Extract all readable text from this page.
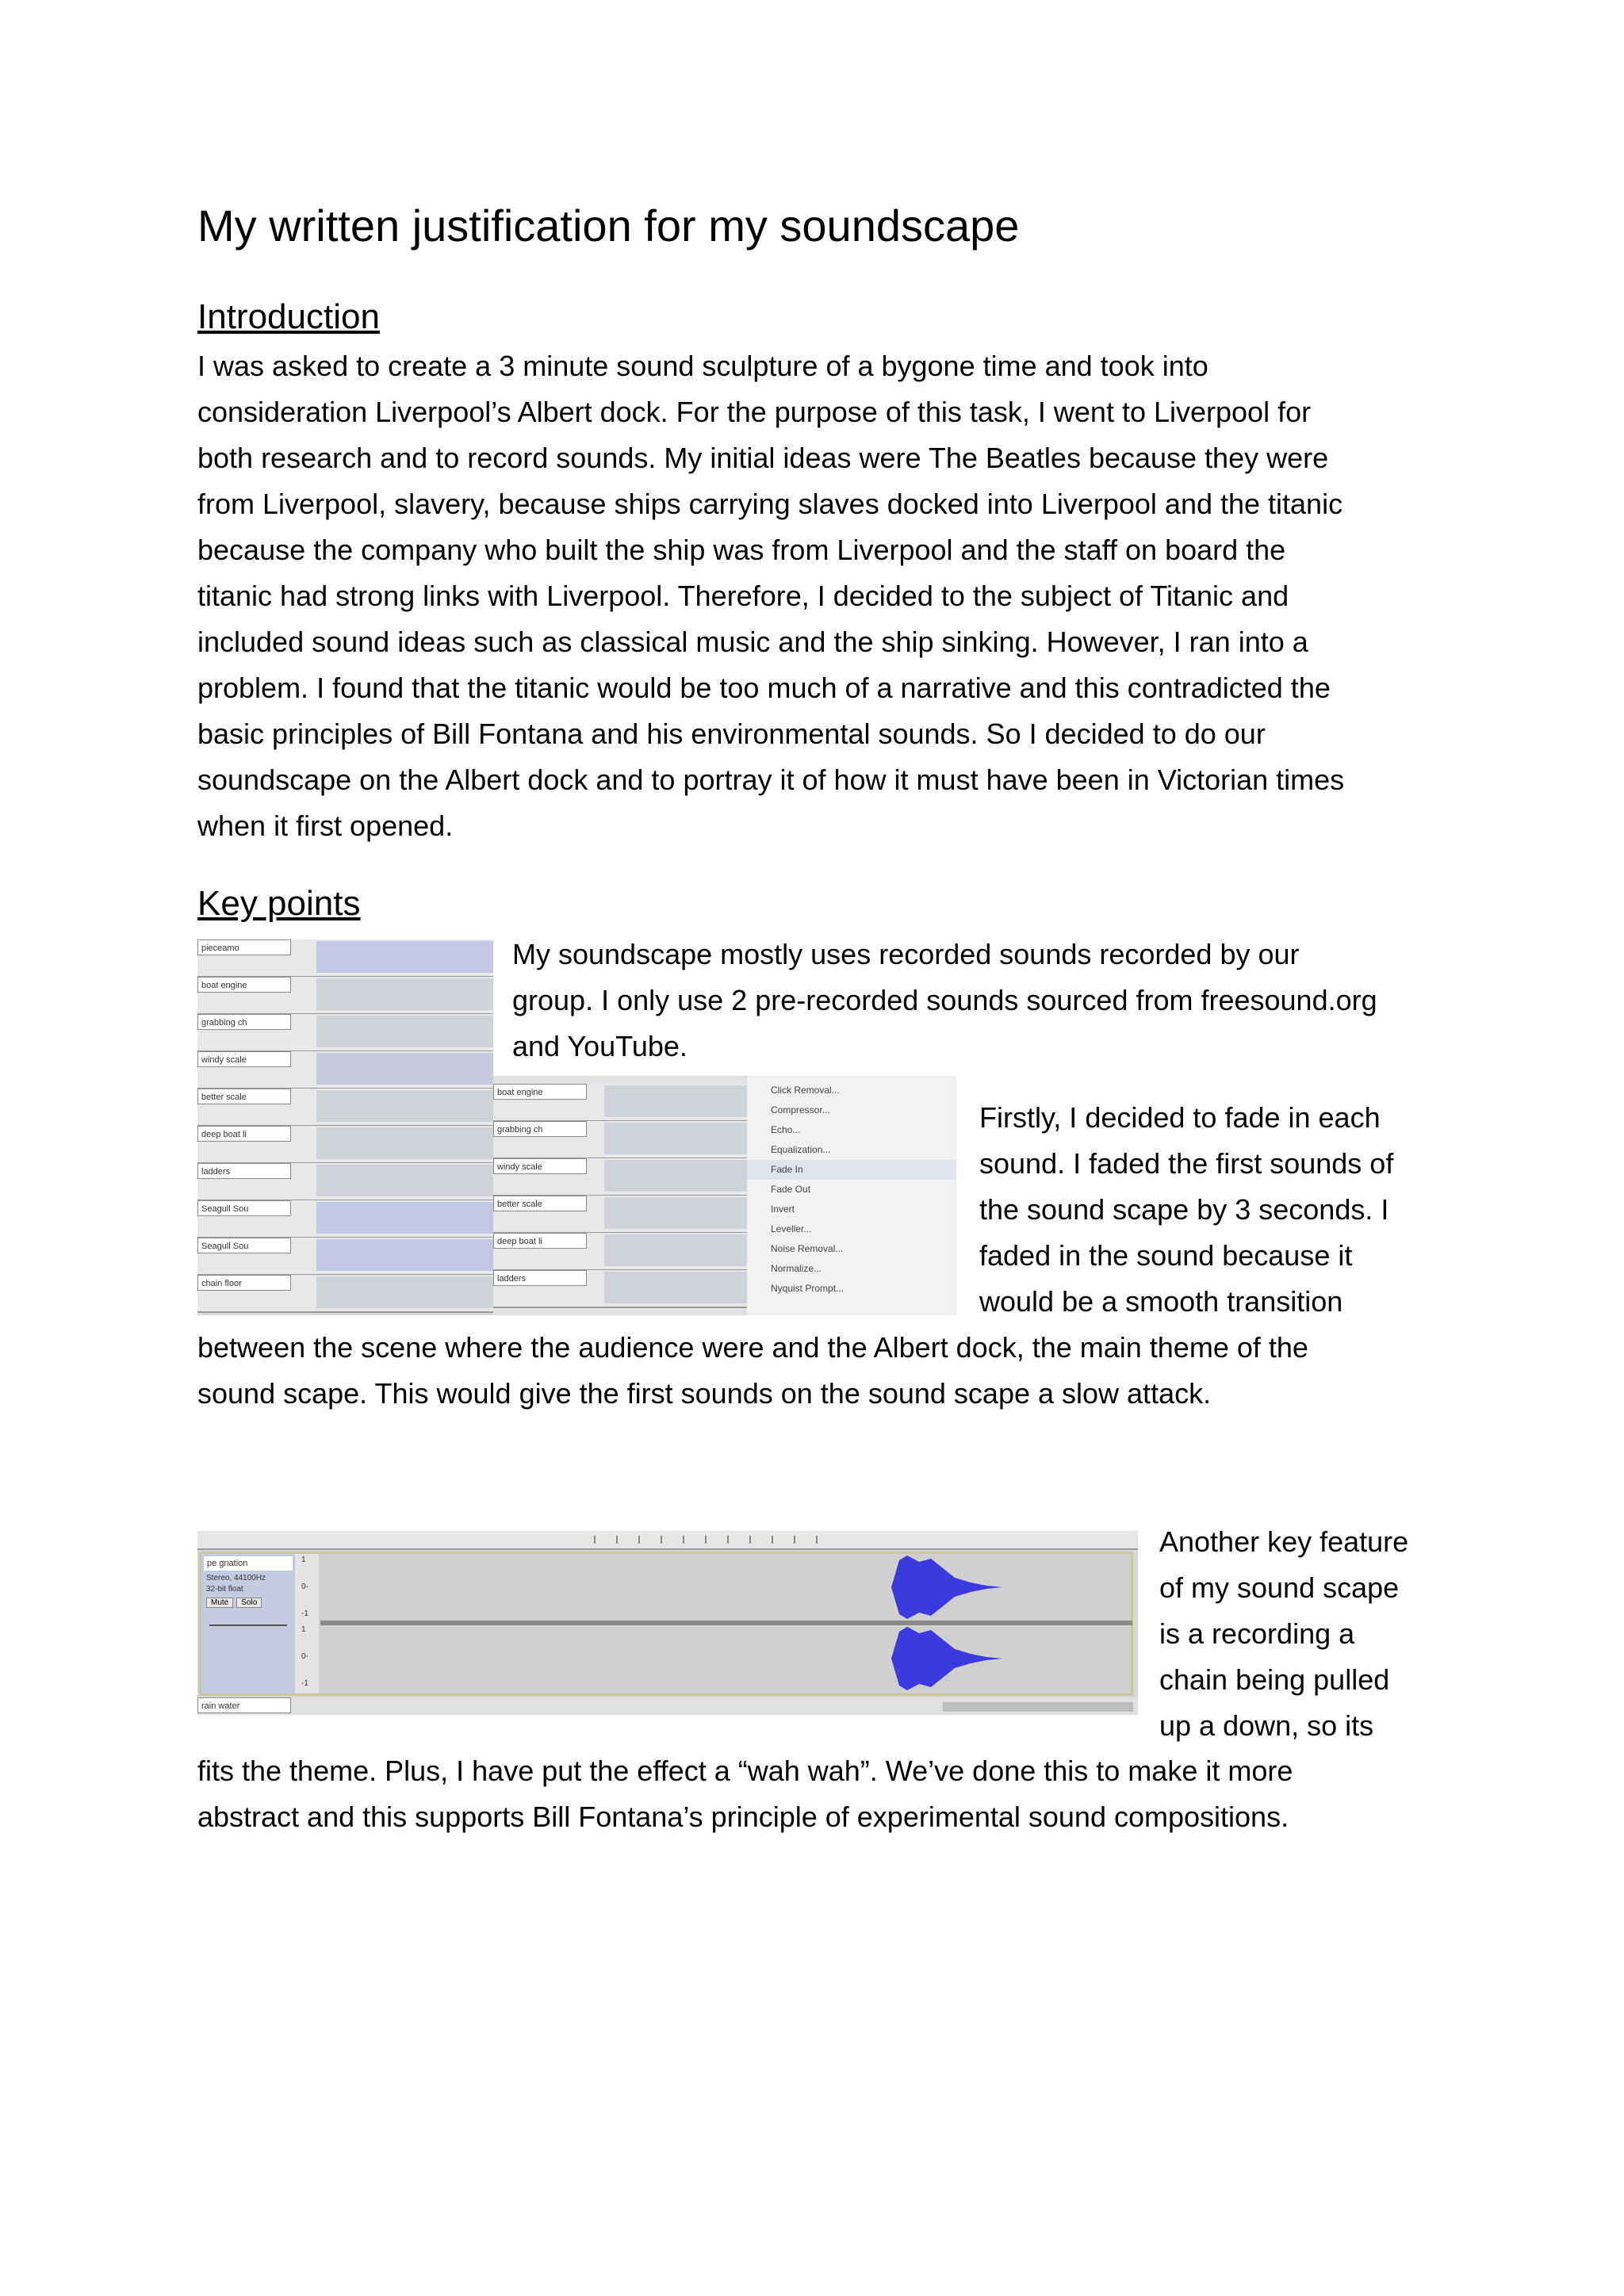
My written justification for my soundscape
Introduction
I was asked to create a 3 minute sound sculpture of a bygone time and took into
consideration Liverpool’s Albert dock. For the purpose of this task, I went to Liverpool for
both research and to record sounds. My initial ideas were The Beatles because they were
from Liverpool, slavery, because ships carrying slaves docked into Liverpool and the titanic
because the company who built the ship was from Liverpool and the staff on board the
titanic had strong links with Liverpool. Therefore, I decided to the subject of Titanic and
included sound ideas such as classical music and the ship sinking. However, I ran into a
problem. I found that the titanic would be too much of a narrative and this contradicted the
basic principles of Bill Fontana and his environmental sounds. So I decided to do our
soundscape on the Albert dock and to portray it of how it must have been in Victorian times
when it first opened.
Key points
pieceamo
boat engine
grabbing ch
windy scale
better scale
deep boat li
ladders
Seagull Sou
Seagull Sou
chain floor
boat engine
grabbing ch
windy scale
better scale
deep boat li
ladders
Click Removal...
Compressor...
Echo...
Equalization...
Fade In
Fade Out
Invert
Leveller...
Noise Removal...
Normalize...
Nyquist Prompt...
My soundscape mostly uses recorded sounds recorded by our
group. I only use 2 pre-recorded sounds sourced from freesound.org
and YouTube.
Firstly, I decided to fade in each
sound. I faded the first sounds of
the sound scape by 3 seconds. I
faded in the sound because it
would be a smooth transition
between the scene where the audience were and the Albert dock, the main theme of the
sound scape. This would give the first sounds on the sound scape a slow attack.
pe gnation
Stereo, 44100Hz
32-bit float
Mute	Solo
1
0-
-1
1
0-
-1
rain water
Another key feature
of my sound scape
is a recording a
chain being pulled
up a down, so its
fits the theme. Plus, I have put the effect a “wah wah”. We’ve done this to make it more
abstract and this supports Bill Fontana’s principle of experimental sound compositions.
